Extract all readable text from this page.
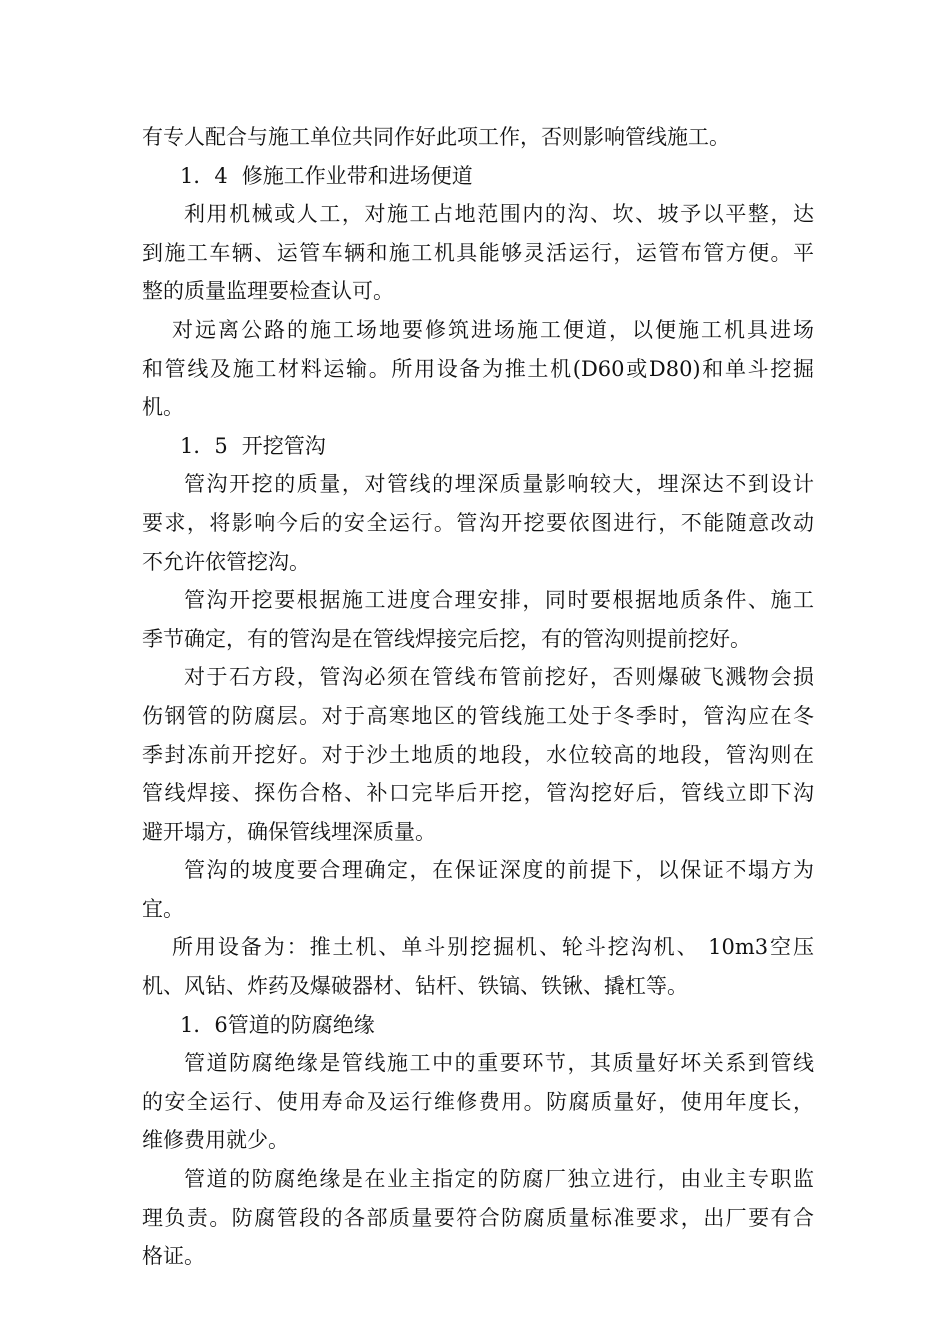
有专人配合与施工单位共同作好此项工作，否则影响管线施工。
1．4 修施工作业带和进场便道
利用机械或人工，对施工占地范围内的沟、坎、坡予以平整，达
到施工车辆、运管车辆和施工机具能够灵活运行，运管布管方便。平
整的质量监理要检查认可。
对远离公路的施工场地要修筑进场施工便道，以便施工机具进场
和管线及施工材料运输。所用设备为推土机(D60或D80)和单斗挖掘
机。
1．5 开挖管沟
管沟开挖的质量，对管线的埋深质量影响较大，埋深达不到设计
要求，将影响今后的安全运行。管沟开挖要依图进行，不能随意改动
不允许依管挖沟。
管沟开挖要根据施工进度合理安排，同时要根据地质条件、施工
季节确定，有的管沟是在管线焊接完后挖，有的管沟则提前挖好。
对于石方段，管沟必须在管线布管前挖好，否则爆破飞溅物会损
伤钢管的防腐层。对于高寒地区的管线施工处于冬季时，管沟应在冬
季封冻前开挖好。对于沙土地质的地段，水位较高的地段，管沟则在
管线焊接、探伤合格、补口完毕后开挖，管沟挖好后，管线立即下沟
避开塌方，确保管线埋深质量。
管沟的坡度要合理确定，在保证深度的前提下，以保证不塌方为
宜。
所用设备为：推土机、单斗别挖掘机、轮斗挖沟机、 10m3空压
机、风钻、炸药及爆破器材、钻杆、铁镐、铁锹、撬杠等。
1．6管道的防腐绝缘
管道防腐绝缘是管线施工中的重要环节，其质量好坏关系到管线
的安全运行、使用寿命及运行维修费用。防腐质量好，使用年度长，
维修费用就少。
管道的防腐绝缘是在业主指定的防腐厂独立进行，由业主专职监
理负责。防腐管段的各部质量要符合防腐质量标准要求，出厂要有合
格证。
